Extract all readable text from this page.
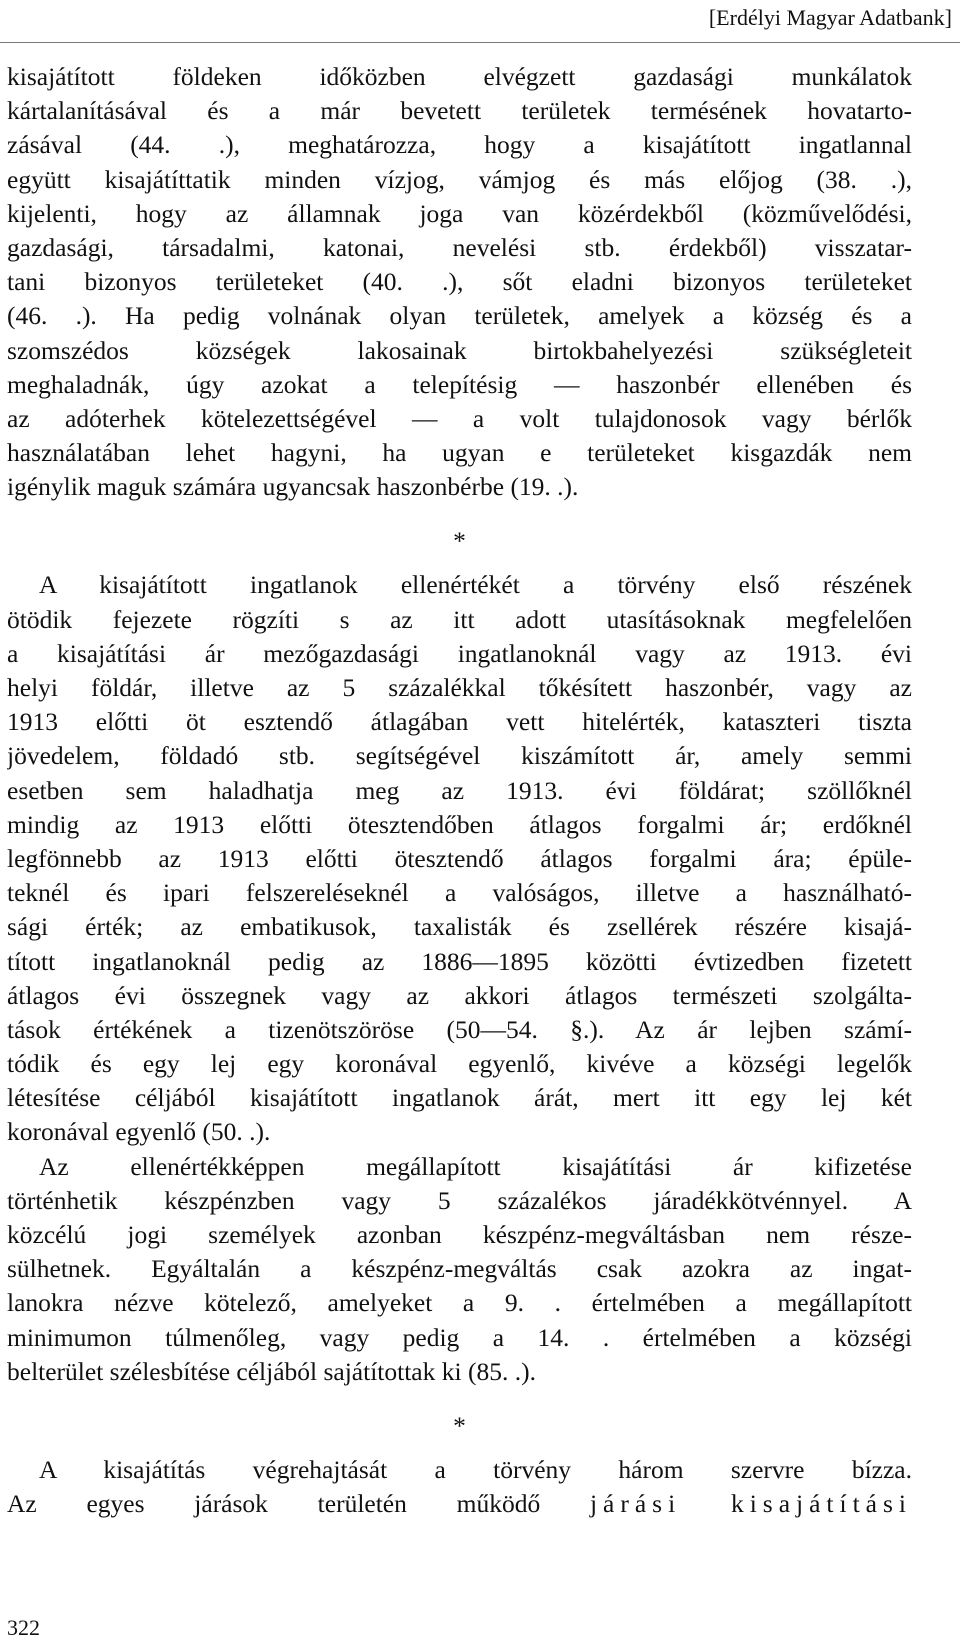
[Erdélyi Magyar Adatbank]
kisajátított földeken időközben elvégzett gazdasági munkálatok
kártalanításával és a már bevetett területek termésének hovatarto-
zásával (44. .), meghatározza, hogy a kisajátított ingatlannal
együtt kisajátíttatik minden vízjog, vámjog és más előjog (38. .),
kijelenti, hogy az államnak joga van közérdekből (közművelődési,
gazdasági, társadalmi, katonai, nevelési stb. érdekből) visszatar-
tani bizonyos területeket (40. .), sőt eladni bizonyos területeket
(46. .). Ha pedig volnának olyan területek, amelyek a község és a
szomszédos községek lakosainak birtokbahelyezési szükségleteit
meghaladnák, úgy azokat a telepítésig — haszonbér ellenében és
az adóterhek kötelezettségével — a volt tulajdonosok vagy bérlők
használatában lehet hagyni, ha ugyan e területeket kisgazdák nem
igénylik maguk számára ugyancsak haszonbérbe (19. .).
*
A kisajátított ingatlanok ellenértékét a törvény első részének
ötödik fejezete rögzíti s az itt adott utasításoknak megfelelően
a kisajátítási ár mezőgazdasági ingatlanoknál vagy az 1913. évi
helyi földár, illetve az 5 százalékkal tőkésített haszonbér, vagy az
1913 előtti öt esztendő átlagában vett hitelérték, kataszteri tiszta
jövedelem, földadó stb. segítségével kiszámított ár, amely semmi
esetben sem haladhatja meg az 1913. évi földárat; szöllőknél
mindig az 1913 előtti ötesztendőben átlagos forgalmi ár; erdőknél
legfönnebb az 1913 előtti ötesztendő átlagos forgalmi ára; épüle-
teknél és ipari felszereléseknél a valóságos, illetve a használható-
sági érték; az embatikusok, taxalisták és zsellérek részére kisajá-
tított ingatlanoknál pedig az 1886—1895 közötti évtizedben fizetett
átlagos évi összegnek vagy az akkori átlagos természeti szolgálta-
tások értékének a tizenötszöröse (50—54. §.). Az ár lejben számí-
tódik és egy lej egy koronával egyenlő, kivéve a községi legelők
létesítése céljából kisajátított ingatlanok árát, mert itt egy lej két
koronával egyenlő (50. .).
Az ellenértékképpen megállapított kisajátítási ár kifizetése
történhetik készpénzben vagy 5 százalékos járadékkötvénnyel. A
közcélú jogi személyek azonban készpénz-megváltásban nem része-
sülhetnek. Egyáltalán a készpénz-megváltás csak azokra az ingat-
lanokra nézve kötelező, amelyeket a 9. . értelmében a megállapított
minimumon túlmenőleg, vagy pedig a 14. . értelmében a községi
belterület szélesbítése céljából sajátítottak ki (85. .).
*
A kisajátítás végrehajtását a törvény három szervre bízza.
Az egyes járások területén működő járási kisajátítási
322
